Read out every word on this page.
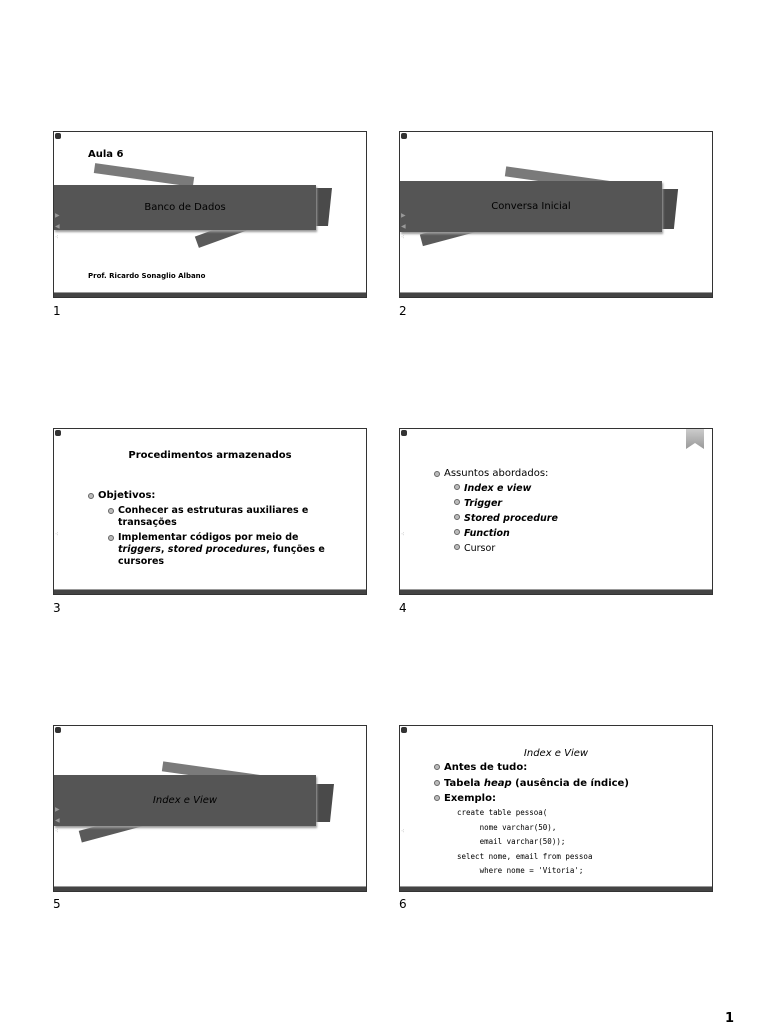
Aula 6
Banco de Dados
▶
◀
⁖
Prof. Ricardo Sonaglio Albano
1
Conversa Inicial
▶
◀
⁖
2
Procedimentos armazenados
⁖
Objetivos:
Conhecer as estruturas auxiliares e transações
Implementar códigos por meio de triggers, stored procedures, funções e cursores
3
⁖
Assuntos abordados:
Index e view
Trigger
Stored procedure
Function
Cursor
4
Index e View
▶
◀
⁖
5
Index e View
⁖
Antes de tudo:
Tabela heap (ausência de índice)
Exemplo:
create table pessoa(
nome varchar(50),
email varchar(50));
select nome, email from pessoa
where nome = 'Vitoria';
6
1
